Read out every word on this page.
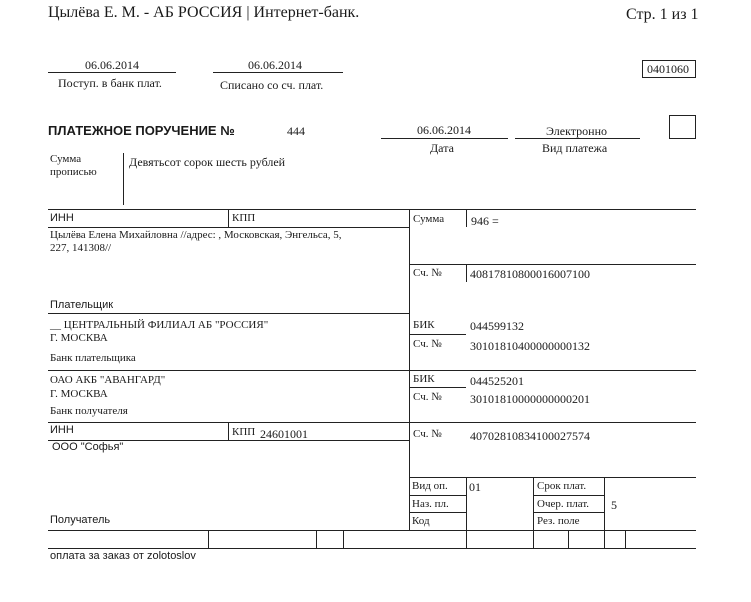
Цылёва Е. М. - АБ РОССИЯ | Интернет-банк.	Стр. 1 из 1
06.06.2014
Поступ. в банк плат.
06.06.2014
Списано со сч. плат.
0401060
ПЛАТЕЖНОЕ ПОРУЧЕНИЕ №	444	06.06.2014
Дата
Электронно
Вид платежа
Сумма
прописью
Девятьсот сорок шесть рублей
ИНН	КПП
Цылёва Елена Михайловна //адрес: , Московская, Энгельса, 5,
227, 141308//
Плательщик
Сумма 946 =
Сч. № 40817810800016007100
__ ЦЕНТРАЛЬНЫЙ ФИЛИАЛ АБ "РОССИЯ"
Г. МОСКВА
Банк плательщика
БИК	044599132
Сч. № 30101810400000000132
ОАО АКБ "АВАНГАРД"
Г. МОСКВА
Банк получателя
БИК	044525201
Сч. № 30101810000000000201
ИНН	КПП 24601001
ООО "Софья"
Сч. № 40702810834100027574
Получатель
Вид оп. 01
Наз. пл.
Код
Срок плат.
Очер. плат. 5
Рез. поле
оплата за заказ от zolotoslov
